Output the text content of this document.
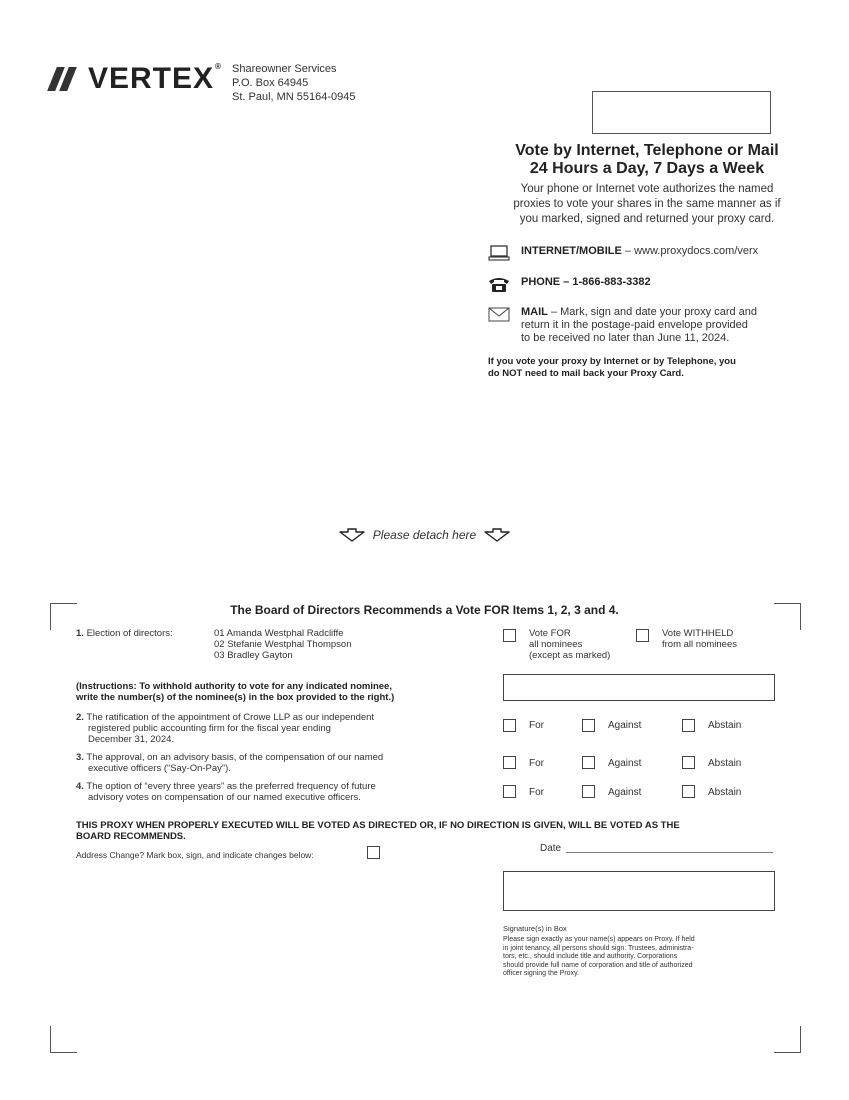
VERTEX® Shareowner Services
P.O. Box 64945
St. Paul, MN 55164-0945
Vote by Internet, Telephone or Mail
24 Hours a Day, 7 Days a Week
Your phone or Internet vote authorizes the named
proxies to vote your shares in the same manner as if
you marked, signed and returned your proxy card.
INTERNET/MOBILE – www.proxydocs.com/verx
PHONE – 1-866-883-3382
MAIL – Mark, sign and date your proxy card and
return it in the postage-paid envelope provided
to be received no later than June 11, 2024.
If you vote your proxy by Internet or by Telephone, you
do NOT need to mail back your Proxy Card.
Please detach here
The Board of Directors Recommends a Vote FOR Items 1, 2, 3 and 4.
1. Election of directors:	01 Amanda Westphal Radcliffe
02 Stefanie Westphal Thompson
03 Bradley Gayton
Vote FOR
all nominees
(except as marked)
Vote WITHHELD
from all nominees
(Instructions: To withhold authority to vote for any indicated nominee,
write the number(s) of the nominee(s) in the box provided to the right.)
2. The ratification of the appointment of Crowe LLP as our independent
registered public accounting firm for the fiscal year ending
December 31, 2024.
For	Against	Abstain
3. The approval, on an advisory basis, of the compensation of our named
executive officers (“Say-On-Pay”).	For	Against	Abstain
4. The option of “every three years” as the preferred frequency of future
advisory votes on compensation of our named executive officers.	For	Against	Abstain
THIS PROXY WHEN PROPERLY EXECUTED WILL BE VOTED AS DIRECTED OR, IF NO DIRECTION IS GIVEN, WILL BE VOTED AS THE
BOARD RECOMMENDS.
Address Change? Mark box, sign, and indicate changes below:
Date
Signature(s) in Box
Please sign exactly as your name(s) appears on Proxy. If held
in joint tenancy, all persons should sign. Trustees, administra-
tors, etc., should include title and authority. Corporations
should provide full name of corporation and title of authorized
officer signing the Proxy.
